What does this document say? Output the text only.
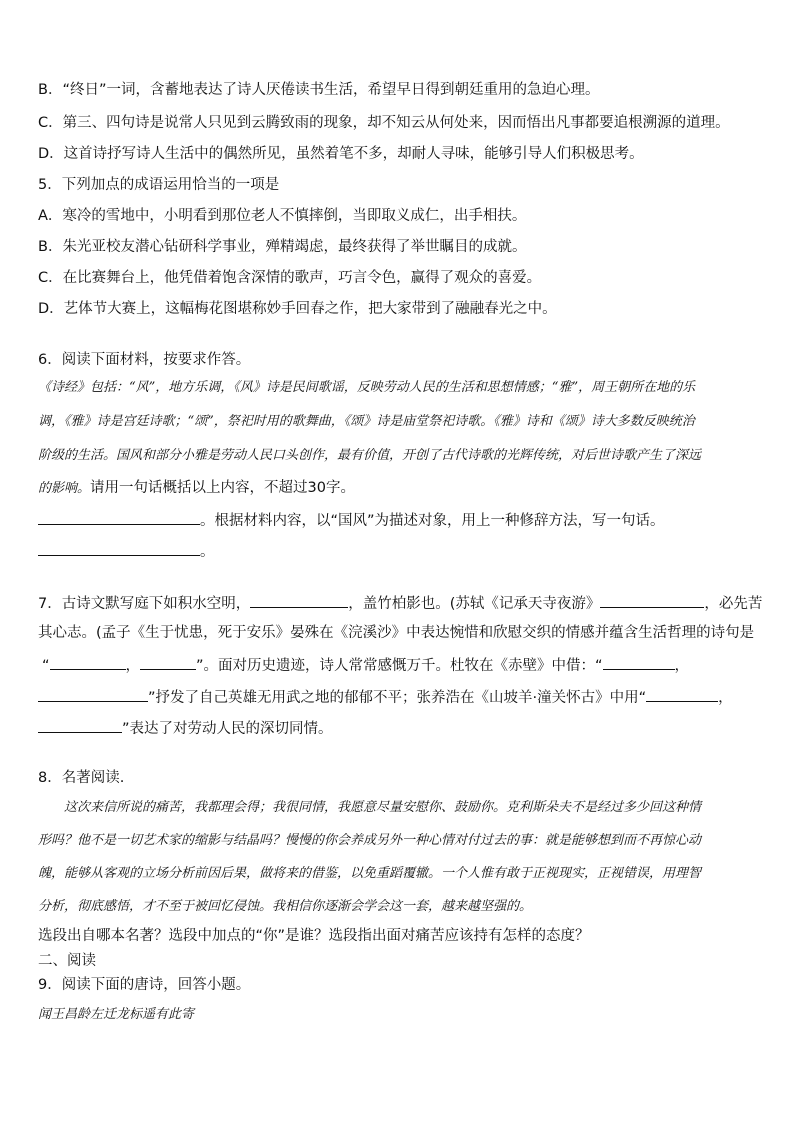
B．“终日”一词，含蓄地表达了诗人厌倦读书生活，希望早日得到朝廷重用的急迫心理。
C．第三、四句诗是说常人只见到云腾致雨的现象，却不知云从何处来，因而悟出凡事都要追根溯源的道理。
D．这首诗抒写诗人生活中的偶然所见，虽然着笔不多，却耐人寻味，能够引导人们积极思考。
5．下列加点的成语运用恰当的一项是
A．寒冷的雪地中，小明看到那位老人不慎摔倒，当即取义成仁，出手相扶。
B．朱光亚校友潜心钻研科学事业，殚精竭虑，最终获得了举世瞩目的成就。
C．在比赛舞台上，他凭借着饱含深情的歌声，巧言令色，赢得了观众的喜爱。
D．艺体节大赛上，这幅梅花图堪称妙手回春之作，把大家带到了融融春光之中。
6．阅读下面材料，按要求作答。
《诗经》包括：“风”，地方乐调，《风》诗是民间歌谣，反映劳动人民的生活和思想情感；“雅”，周王朝所在地的乐
调，《雅》诗是宫廷诗歌；“颂”，祭祀时用的歌舞曲，《颂》诗是庙堂祭祀诗歌。《雅》诗和《颂》诗大多数反映统治
阶级的生活。国风和部分小雅是劳动人民口头创作，最有价值，开创了古代诗歌的光辉传统，对后世诗歌产生了深远
的影响。请用一句话概括以上内容，不超过30字。
。根据材料内容，以“国风”为描述对象，用上一种修辞方法，写一句话。
。
7．古诗文默写庭下如积水空明，	，盖竹柏影也。(苏轼《记承天寺夜游》	，必先苦
其心志。(孟子《生于忧患，死于安乐》晏殊在《浣溪沙》中表达惋惜和欣慰交织的情感并蕴含生活哲理的诗句是
“	，	”。面对历史遗迹，诗人常常感慨万千。杜牧在《赤壁》中借：“	，
”抒发了自己英雄无用武之地的郁郁不平；张养浩在《山坡羊·潼关怀古》中用“	，
”表达了对劳动人民的深切同情。
8．名著阅读.
这次来信所说的痛苦，我都理会得；我很同情，我愿意尽量安慰你、鼓励你。克利斯朵夫不是经过多少回这种情
形吗？他不是一切艺术家的缩影与结晶吗？慢慢的你会养成另外一种心情对付过去的事：就是能够想到而不再惊心动
魄，能够从客观的立场分析前因后果，做将来的借鉴，以免重蹈覆辙。一个人惟有敢于正视现实，正视错误，用理智
分析，彻底感悟，才不至于被回忆侵蚀。我相信你逐渐会学会这一套，越来越坚强的。
选段出自哪本名著？选段中加点的“你”是谁？选段指出面对痛苦应该持有怎样的态度？
二、阅读
9．阅读下面的唐诗，回答小题。
闻王昌龄左迁龙标遥有此寄
